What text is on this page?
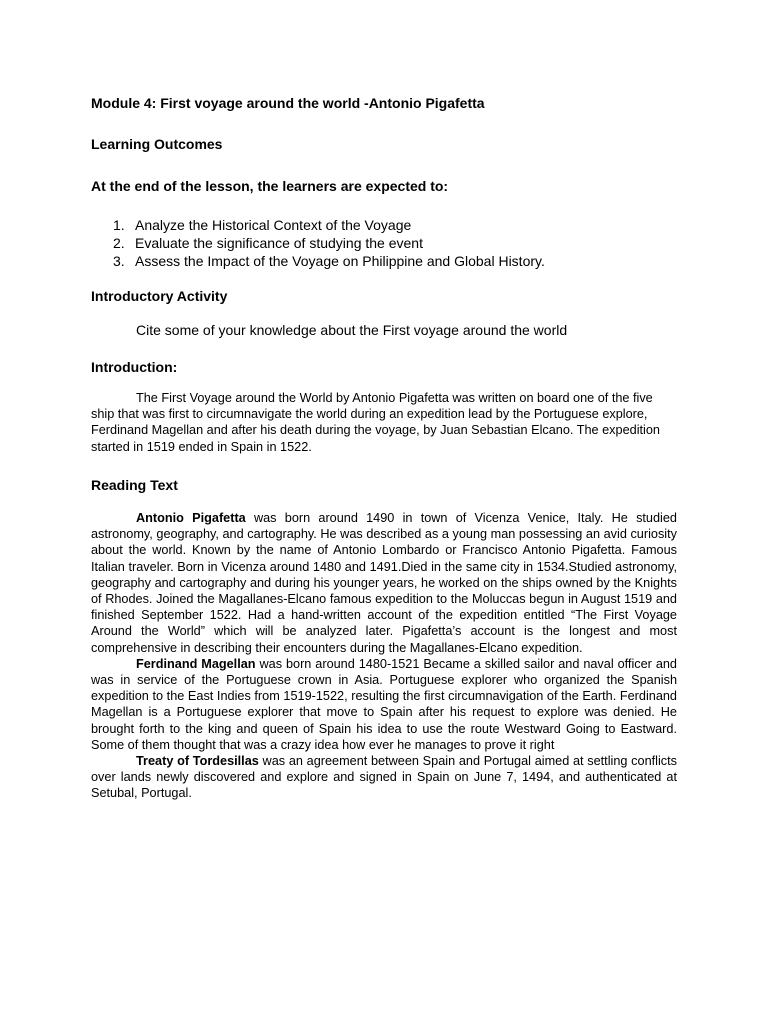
Module 4: First voyage around the world -Antonio Pigafetta
Learning Outcomes
At the end of the lesson, the learners are expected to:
1. Analyze the Historical Context of the Voyage
2. Evaluate the significance of studying the event
3. Assess the Impact of the Voyage on Philippine and Global History.
Introductory Activity
Cite some of your knowledge about the First voyage around the world
Introduction:
The First Voyage around the World by Antonio Pigafetta was written on board one of the five ship that was first to circumnavigate the world during an expedition lead by the Portuguese explore, Ferdinand Magellan and after his death during the voyage, by Juan Sebastian Elcano. The expedition started in 1519 ended in Spain in 1522.
Reading Text

Antonio Pigafetta was born around 1490 in town of Vicenza Venice, Italy. He studied astronomy, geography, and cartography. He was described as a young man possessing an avid curiosity about the world. Known by the name of Antonio Lombardo or Francisco Antonio Pigafetta. Famous Italian traveler. Born in Vicenza around 1480 and 1491.Died in the same city in 1534.Studied astronomy, geography and cartography and during his younger years, he worked on the ships owned by the Knights of Rhodes. Joined the Magallanes-Elcano famous expedition to the Moluccas begun in August 1519 and finished September 1522. Had a hand-written account of the expedition entitled “The First Voyage Around the World” which will be analyzed later. Pigafetta’s account is the longest and most comprehensive in describing their encounters during the Magallanes-Elcano expedition.

Ferdinand Magellan was born around 1480-1521 Became a skilled sailor and naval officer and was in service of the Portuguese crown in Asia. Portuguese explorer who organized the Spanish expedition to the East Indies from 1519-1522, resulting the first circumnavigation of the Earth. Ferdinand Magellan is a Portuguese explorer that move to Spain after his request to explore was denied. He brought forth to the king and queen of Spain his idea to use the route Westward Going to Eastward. Some of them thought that was a crazy idea how ever he manages to prove it right

Treaty of Tordesillas was an agreement between Spain and Portugal aimed at settling conflicts over lands newly discovered and explore and signed in Spain on June 7, 1494, and authenticated at Setubal, Portugal.
